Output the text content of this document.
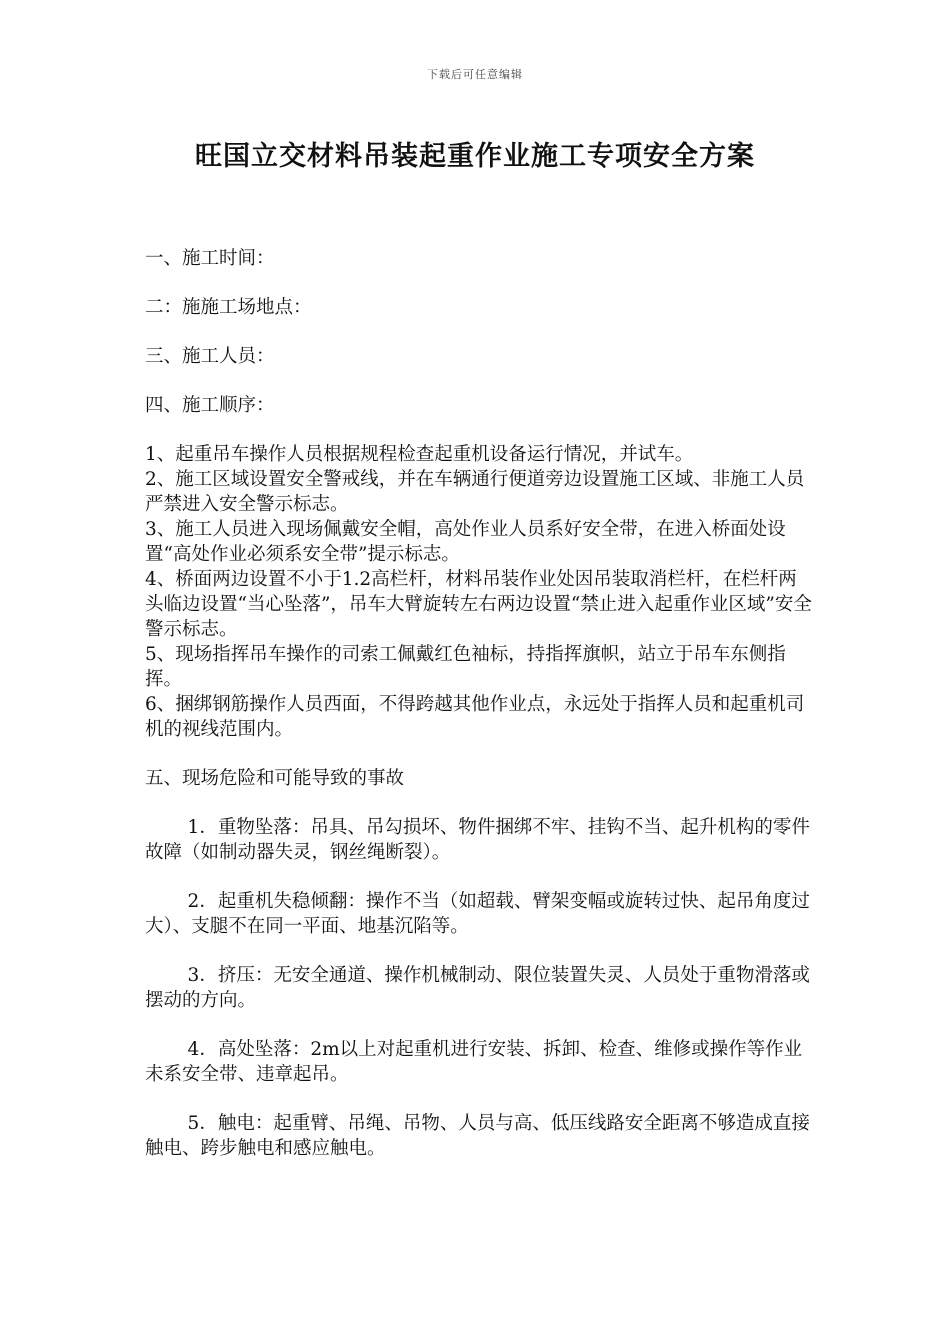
下载后可任意编辑
旺国立交材料吊装起重作业施工专项安全方案

一、施工时间：

二：施施工场地点：

三、施工人员：

四、施工顺序：

1、起重吊车操作人员根据规程检查起重机设备运行情况，并试车。

2、施工区域设置安全警戒线，并在车辆通行便道旁边设置施工区域、非施工人员严禁进入安全警示标志。

3、施工人员进入现场佩戴安全帽，高处作业人员系好安全带，在进入桥面处设置“高处作业必须系安全带”提示标志。

4、桥面两边设置不小于1.2高栏杆，材料吊装作业处因吊装取消栏杆，在栏杆两头临边设置“当心坠落”，吊车大臂旋转左右两边设置“禁止进入起重作业区域”安全警示标志。

5、现场指挥吊车操作的司索工佩戴红色袖标，持指挥旗帜，站立于吊车东侧指挥。

6、捆绑钢筋操作人员西面，不得跨越其他作业点，永远处于指挥人员和起重机司机的视线范围内。

五、现场危险和可能导致的事故

1．重物坠落：吊具、吊勾损坏、物件捆绑不牢、挂钩不当、起升机构的零件故障（如制动器失灵，钢丝绳断裂）。

2．起重机失稳倾翻：操作不当（如超载、臂架变幅或旋转过快、起吊角度过大）、支腿不在同一平面、地基沉陷等。

3．挤压：无安全通道、操作机械制动、限位装置失灵、人员处于重物滑落或摆动的方向。

4．高处坠落：2m以上对起重机进行安装、拆卸、检查、维修或操作等作业未系安全带、违章起吊。

5．触电：起重臂、吊绳、吊物、人员与高、低压线路安全距离不够造成直接触电、跨步触电和感应触电。
